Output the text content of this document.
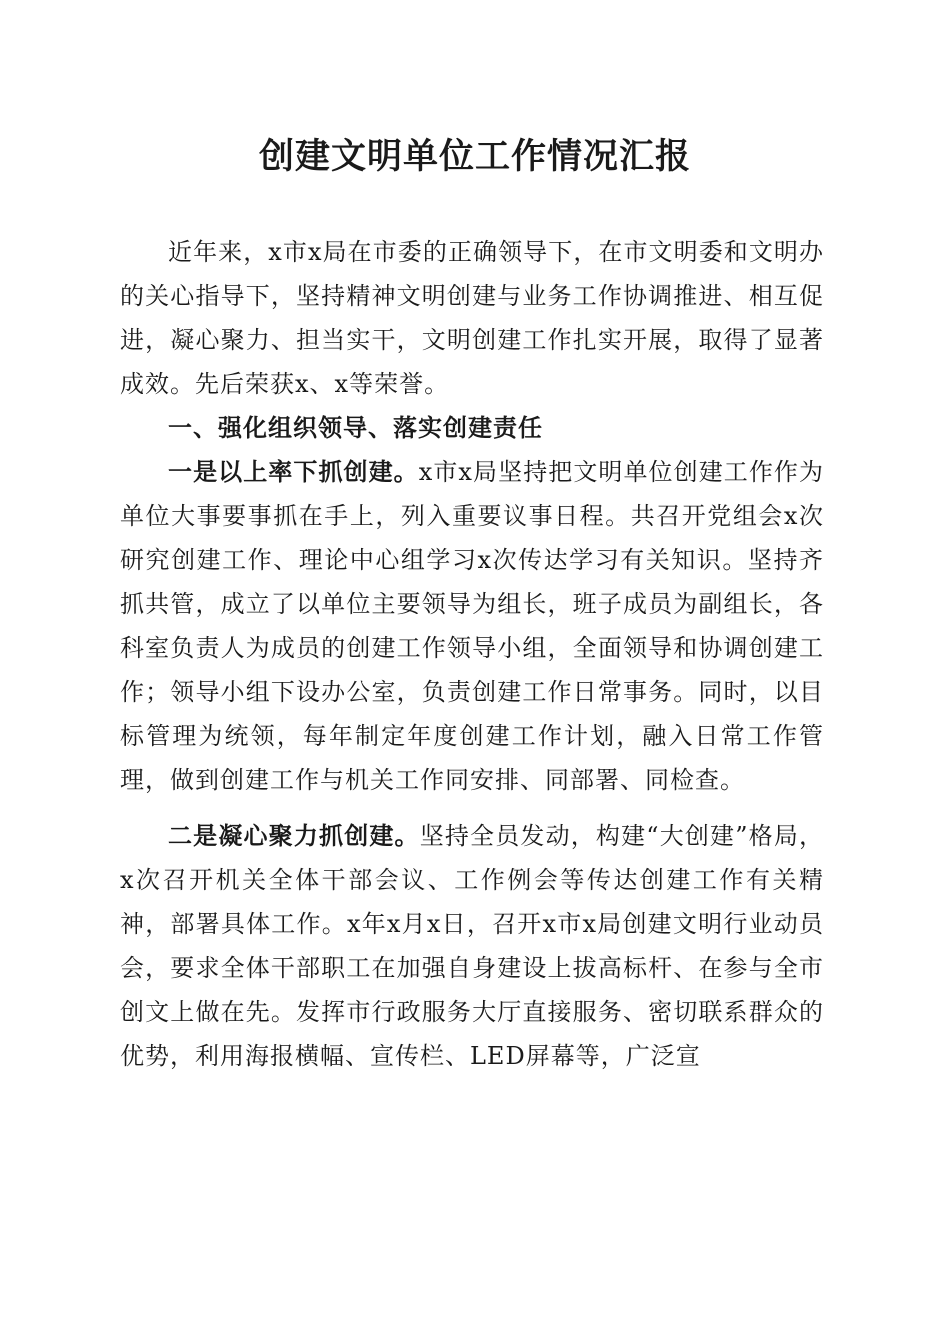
创建文明单位工作情况汇报

近年来，x市x局在市委的正确领导下，在市文明委和文明办的关心指导下，坚持精神文明创建与业务工作协调推进、相互促进，凝心聚力、担当实干，文明创建工作扎实开展，取得了显著成效。先后荣获x、x等荣誉。

一、强化组织领导、落实创建责任

一是以上率下抓创建。x市x局坚持把文明单位创建工作作为单位大事要事抓在手上，列入重要议事日程。共召开党组会x次研究创建工作、理论中心组学习x次传达学习有关知识。坚持齐抓共管，成立了以单位主要领导为组长，班子成员为副组长，各科室负责人为成员的创建工作领导小组，全面领导和协调创建工作；领导小组下设办公室，负责创建工作日常事务。同时，以目标管理为统领，每年制定年度创建工作计划，融入日常工作管理，做到创建工作与机关工作同安排、同部署、同检查。

二是凝心聚力抓创建。坚持全员发动，构建“大创建”格局，x次召开机关全体干部会议、工作例会等传达创建工作有关精神，部署具体工作。x年x月x日，召开x市x局创建文明行业动员会，要求全体干部职工在加强自身建设上拔高标杆、在参与全市创文上做在先。发挥市行政服务大厅直接服务、密切联系群众的优势，利用海报横幅、宣传栏、LED屏幕等，广泛宣
